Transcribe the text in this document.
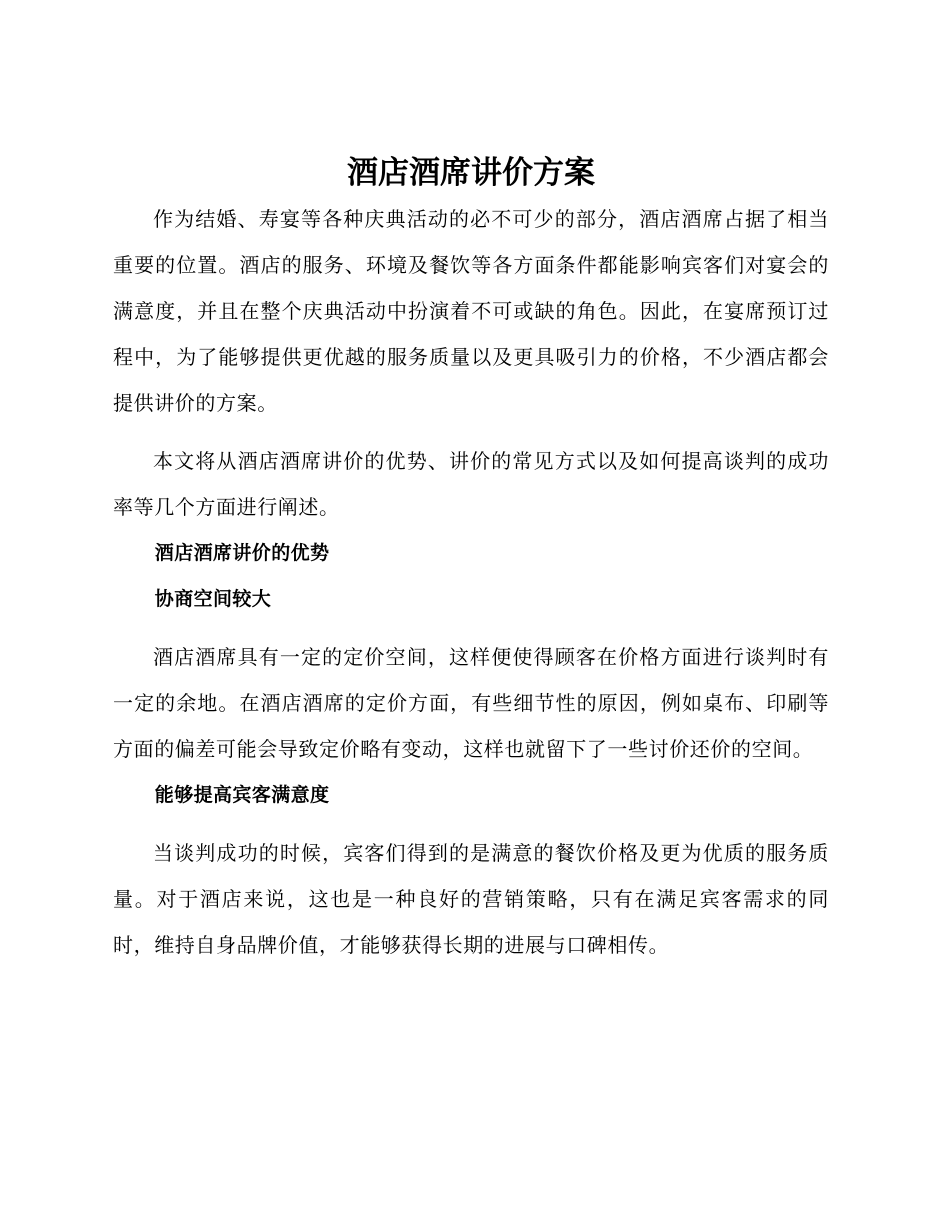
酒店酒席讲价方案

作为结婚、寿宴等各种庆典活动的必不可少的部分，酒店酒席占据了相当重要的位置。酒店的服务、环境及餐饮等各方面条件都能影响宾客们对宴会的满意度，并且在整个庆典活动中扮演着不可或缺的角色。因此，在宴席预订过程中，为了能够提供更优越的服务质量以及更具吸引力的价格，不少酒店都会提供讲价的方案。

本文将从酒店酒席讲价的优势、讲价的常见方式以及如何提高谈判的成功率等几个方面进行阐述。

酒店酒席讲价的优势
协商空间较大

酒店酒席具有一定的定价空间，这样便使得顾客在价格方面进行谈判时有一定的余地。在酒店酒席的定价方面，有些细节性的原因，例如桌布、印刷等方面的偏差可能会导致定价略有变动，这样也就留下了一些讨价还价的空间。

能够提高宾客满意度

当谈判成功的时候，宾客们得到的是满意的餐饮价格及更为优质的服务质量。对于酒店来说，这也是一种良好的营销策略，只有在满足宾客需求的同时，维持自身品牌价值，才能够获得长期的进展与口碑相传。
